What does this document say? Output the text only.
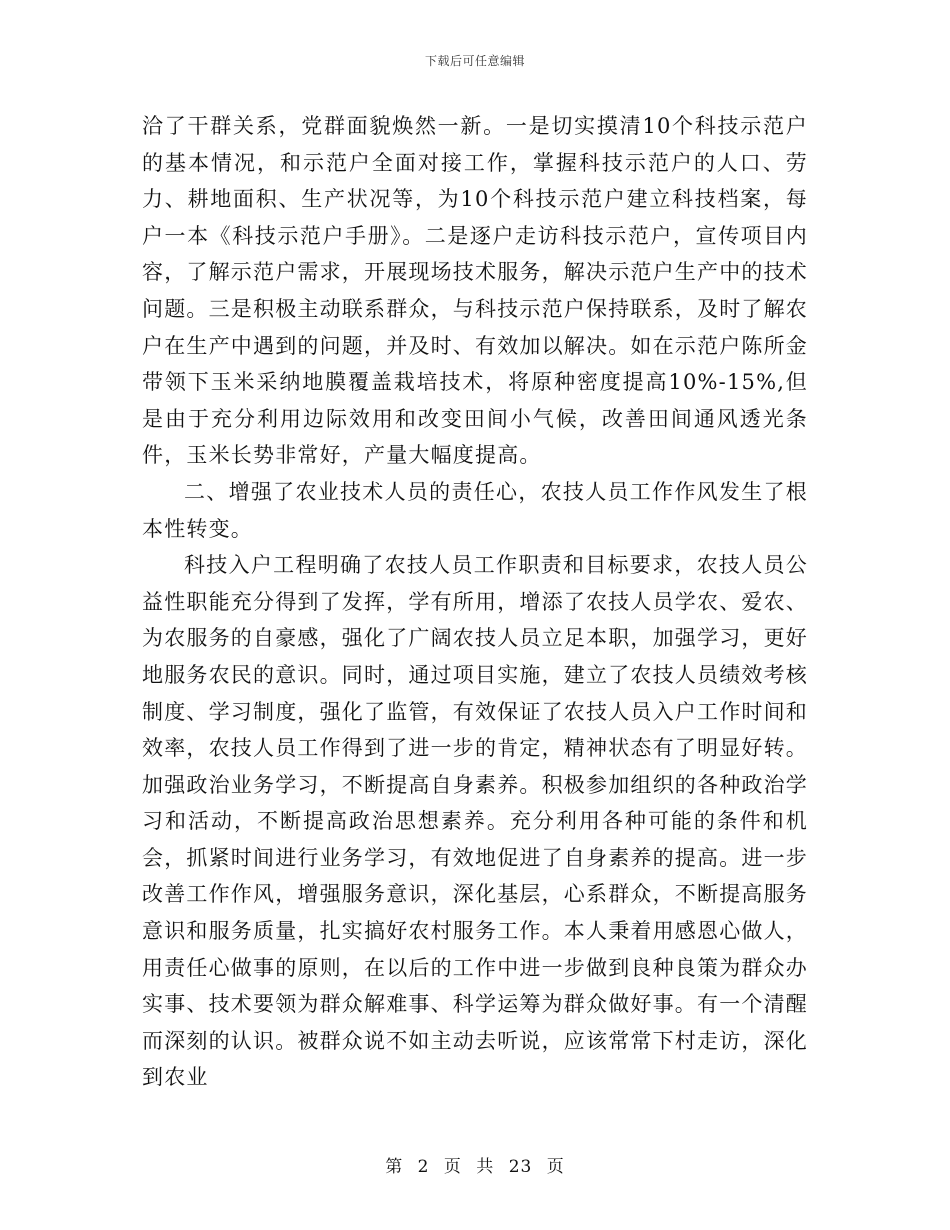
下载后可任意编辑

洽了干群关系，党群面貌焕然一新。一是切实摸清10个科技示范户的基本情况，和示范户全面对接工作，掌握科技示范户的人口、劳力、耕地面积、生产状况等，为10个科技示范户建立科技档案，每户一本《科技示范户手册》。二是逐户走访科技示范户，宣传项目内容，了解示范户需求，开展现场技术服务，解决示范户生产中的技术问题。三是积极主动联系群众，与科技示范户保持联系，及时了解农户在生产中遇到的问题，并及时、有效加以解决。如在示范户陈所金带领下玉米采纳地膜覆盖栽培技术，将原种密度提高10%-15%,但是由于充分利用边际效用和改变田间小气候，改善田间通风透光条件，玉米长势非常好，产量大幅度提高。

二、增强了农业技术人员的责任心，农技人员工作作风发生了根本性转变。

科技入户工程明确了农技人员工作职责和目标要求，农技人员公益性职能充分得到了发挥，学有所用，增添了农技人员学农、爱农、为农服务的自豪感，强化了广阔农技人员立足本职，加强学习，更好地服务农民的意识。同时，通过项目实施，建立了农技人员绩效考核制度、学习制度，强化了监管，有效保证了农技人员入户工作时间和效率，农技人员工作得到了进一步的肯定，精神状态有了明显好转。加强政治业务学习，不断提高自身素养。积极参加组织的各种政治学习和活动，不断提高政治思想素养。充分利用各种可能的条件和机会，抓紧时间进行业务学习，有效地促进了自身素养的提高。进一步改善工作作风，增强服务意识，深化基层，心系群众，不断提高服务意识和服务质量，扎实搞好农村服务工作。本人秉着用感恩心做人，用责任心做事的原则，在以后的工作中进一步做到良种良策为群众办实事、技术要领为群众解难事、科学运筹为群众做好事。有一个清醒而深刻的认识。被群众说不如主动去听说，应该常常下村走访，深化到农业

第 2 页 共 23 页
